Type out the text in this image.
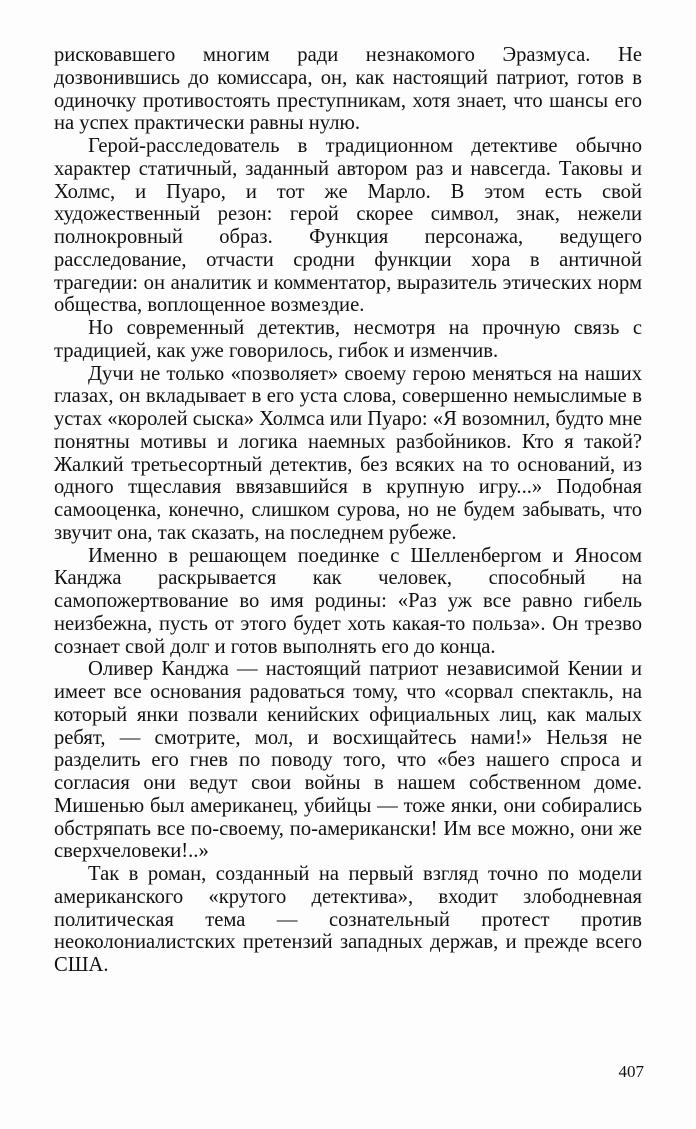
рисковавшего многим ради незнакомого Эразмуса. Не дозвонившись до комиссара, он, как настоящий патриот, готов в одиночку противостоять преступникам, хотя знает, что шансы его на успех практически равны нулю.

Герой-расследователь в традиционном детективе обычно характер статичный, заданный автором раз и навсегда. Таковы и Холмс, и Пуаро, и тот же Марло. В этом есть свой художественный резон: герой скорее символ, знак, нежели полнокровный образ. Функция персонажа, ведущего расследование, отчасти сродни функции хора в античной трагедии: он аналитик и комментатор, выразитель этических норм общества, воплощенное возмездие.

Но современный детектив, несмотря на прочную связь с традицией, как уже говорилось, гибок и изменчив.

Дучи не только «позволяет» своему герою меняться на наших глазах, он вкладывает в его уста слова, совершенно немыслимые в устах «королей сыска» Холмса или Пуаро: «Я возомнил, будто мне понятны мотивы и логика наемных разбойников. Кто я такой? Жалкий третьесортный детектив, без всяких на то оснований, из одного тщеславия ввязавшийся в крупную игру...» Подобная самооценка, конечно, слишком сурова, но не будем забывать, что звучит она, так сказать, на последнем рубеже.

Именно в решающем поединке с Шелленбергом и Яносом Канджа раскрывается как человек, способный на самопожертвование во имя родины: «Раз уж все равно гибель неизбежна, пусть от этого будет хоть какая-то польза». Он трезво сознает свой долг и готов выполнять его до конца.

Оливер Канджа — настоящий патриот независимой Кении и имеет все основания радоваться тому, что «сорвал спектакль, на который янки позвали кенийских официальных лиц, как малых ребят, — смотрите, мол, и восхищайтесь нами!» Нельзя не разделить его гнев по поводу того, что «без нашего спроса и согласия они ведут свои войны в нашем собственном доме. Мишенью был американец, убийцы — тоже янки, они собирались обстряпать все по-своему, по-американски! Им все можно, они же сверхчеловеки!..»

Так в роман, созданный на первый взгляд точно по модели американского «крутого детектива», входит злободневная политическая тема — сознательный протест против неоколониалистских претензий западных держав, и прежде всего США.

407
